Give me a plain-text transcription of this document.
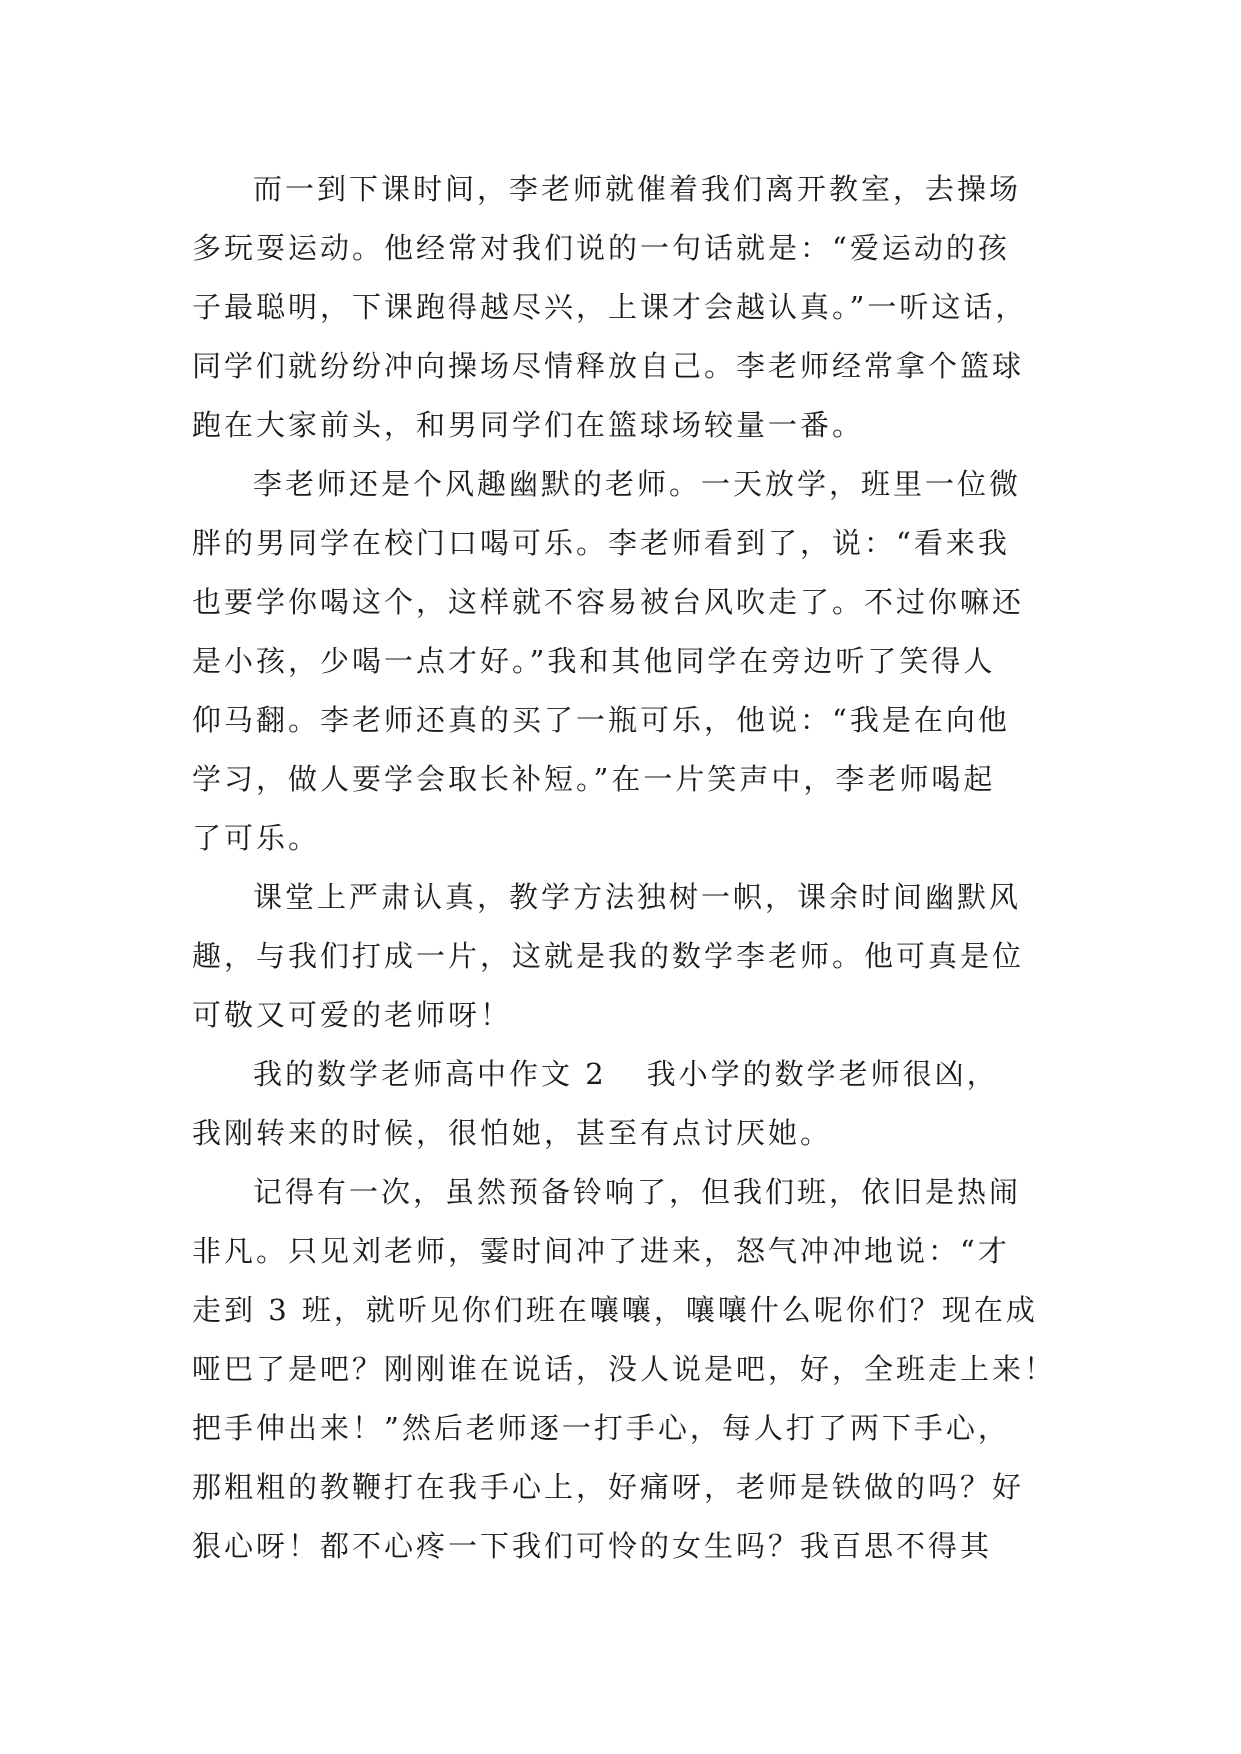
而一到下课时间，李老师就催着我们离开教室，去操场
多玩耍运动。他经常对我们说的一句话就是：“爱运动的孩
子最聪明，下课跑得越尽兴，上课才会越认真。”一听这话，
同学们就纷纷冲向操场尽情释放自己。李老师经常拿个篮球
跑在大家前头，和男同学们在篮球场较量一番。
李老师还是个风趣幽默的老师。一天放学，班里一位微
胖的男同学在校门口喝可乐。李老师看到了，说：“看来我
也要学你喝这个，这样就不容易被台风吹走了。不过你嘛还
是小孩，少喝一点才好。”我和其他同学在旁边听了笑得人
仰马翻。李老师还真的买了一瓶可乐，他说：“我是在向他
学习，做人要学会取长补短。”在一片笑声中，李老师喝起
了可乐。
课堂上严肃认真，教学方法独树一帜，课余时间幽默风
趣，与我们打成一片，这就是我的数学李老师。他可真是位
可敬又可爱的老师呀！
我的数学老师高中作文 2 我小学的数学老师很凶，
我刚转来的时候，很怕她，甚至有点讨厌她。
记得有一次，虽然预备铃响了，但我们班，依旧是热闹
非凡。只见刘老师，霎时间冲了进来，怒气冲冲地说：“才
走到 3 班，就听见你们班在嚷嚷，嚷嚷什么呢你们？现在成
哑巴了是吧？刚刚谁在说话，没人说是吧，好，全班走上来！
把手伸出来！”然后老师逐一打手心，每人打了两下手心，
那粗粗的教鞭打在我手心上，好痛呀，老师是铁做的吗？好
狠心呀！都不心疼一下我们可怜的女生吗？我百思不得其
